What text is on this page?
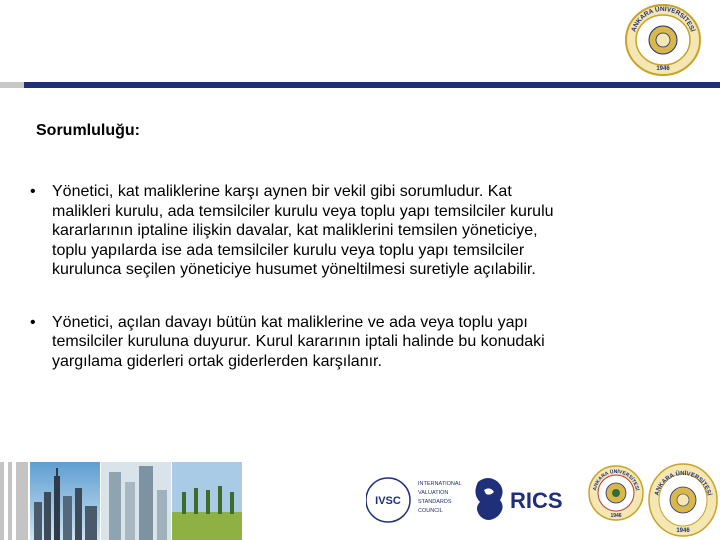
ANKARA ÜNİVERSİTESİ
1946
Sorumluluğu:
• Yönetici, kat maliklerine karşı aynen bir vekil gibi sorumludur. Kat
malikleri kurulu, ada temsilciler kurulu veya toplu yapı temsilciler kurulu
kararlarının iptaline ilişkin davalar, kat maliklerini temsilen yöneticiye,
toplu yapılarda ise ada temsilciler kurulu veya toplu yapı temsilciler
kurulunca seçilen yöneticiye husumet yöneltilmesi suretiyle açılabilir.
• Yönetici, açılan davayı bütün kat maliklerine ve ada veya toplu yapı
temsilciler kuruluna duyurur. Kurul kararının iptali halinde bu konudaki
yargılama giderleri ortak giderlerden karşılanır.
IVSC
INTERNATIONAL
VALUATION
STANDARDS
COUNCIL	RICS	ANKARA ÜNİVERSİTESİ
1946
ANKARA ÜNİVERSİTESİ
1946
